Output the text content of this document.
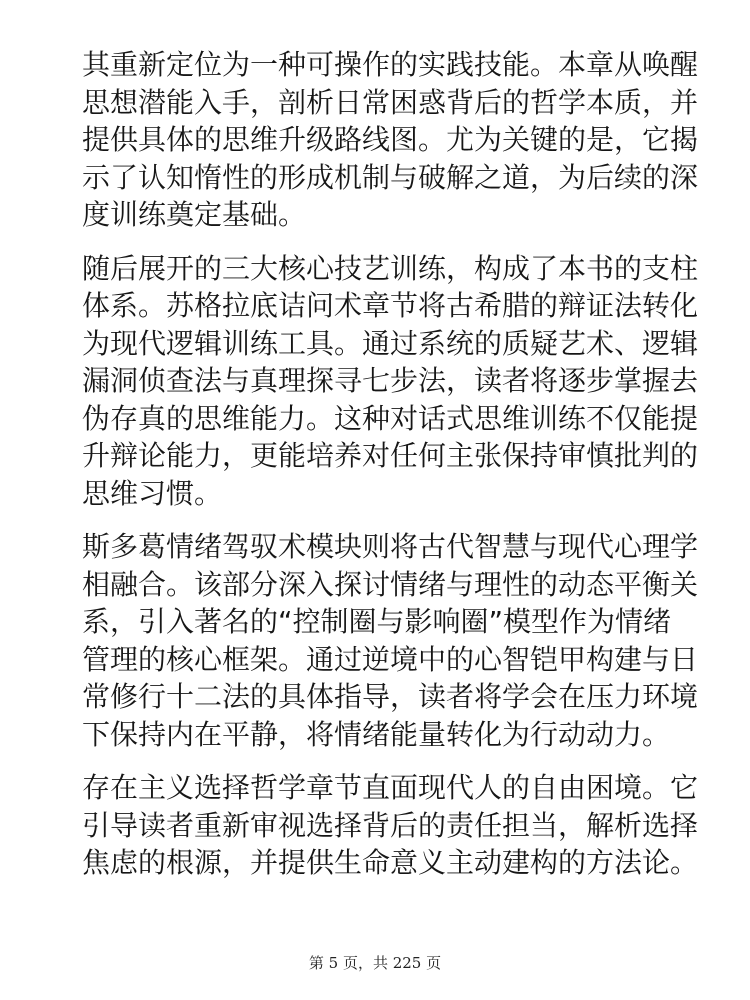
其重新定位为一种可操作的实践技能。本章从唤醒
思想潜能入手，剖析日常困惑背后的哲学本质，并
提供具体的思维升级路线图。尤为关键的是，它揭
示了认知惰性的形成机制与破解之道，为后续的深
度训练奠定基础。

随后展开的三大核心技艺训练，构成了本书的支柱
体系。苏格拉底诘问术章节将古希腊的辩证法转化
为现代逻辑训练工具。通过系统的质疑艺术、逻辑
漏洞侦查法与真理探寻七步法，读者将逐步掌握去
伪存真的思维能力。这种对话式思维训练不仅能提
升辩论能力，更能培养对任何主张保持审慎批判的
思维习惯。

斯多葛情绪驾驭术模块则将古代智慧与现代心理学
相融合。该部分深入探讨情绪与理性的动态平衡关
系，引入著名的“控制圈与影响圈”模型作为情绪
管理的核心框架。通过逆境中的心智铠甲构建与日
常修行十二法的具体指导，读者将学会在压力环境
下保持内在平静，将情绪能量转化为行动动力。

存在主义选择哲学章节直面现代人的自由困境。它
引导读者重新审视选择背后的责任担当，解析选择
焦虑的根源，并提供生命意义主动建构的方法论。

第 5 页，共 225 页
